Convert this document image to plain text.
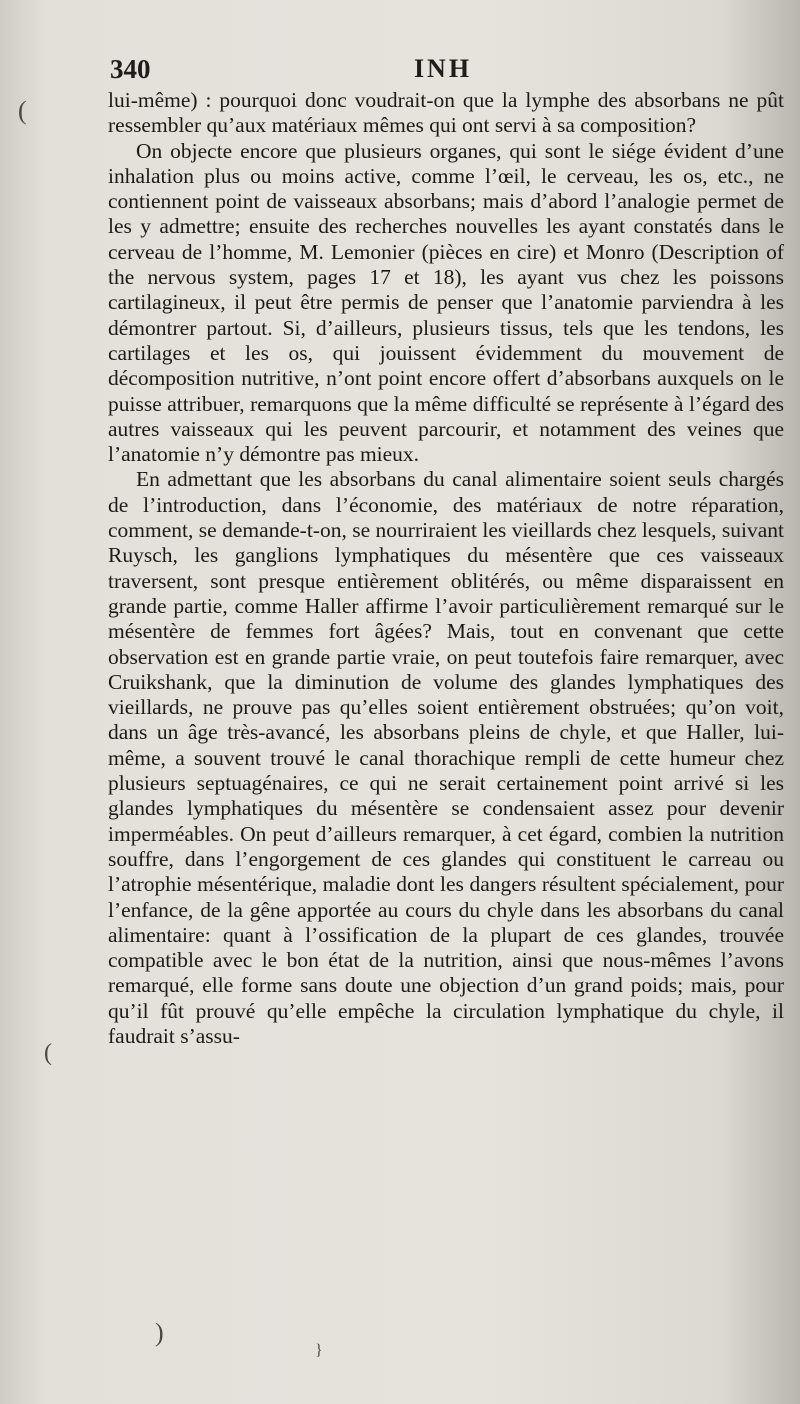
340	INH

lui-même) : pourquoi donc voudrait-on que la lymphe des absorbans ne pût ressembler qu’aux matériaux mêmes qui ont servi à sa composition?

On objecte encore que plusieurs organes, qui sont le siége évident d’une inhalation plus ou moins active, comme l’œil, le cerveau, les os, etc., ne contiennent point de vaisseaux absorbans; mais d’abord l’analogie permet de les y admettre; ensuite des recherches nouvelles les ayant constatés dans le cerveau de l’homme, M. Lemonier (pièces en cire) et Monro (Description of the nervous system, pages 17 et 18), les ayant vus chez les poissons cartilagineux, il peut être permis de penser que l’anatomie parviendra à les démontrer partout. Si, d’ailleurs, plusieurs tissus, tels que les tendons, les cartilages et les os, qui jouissent évidemment du mouvement de décomposition nutritive, n’ont point encore offert d’absorbans auxquels on le puisse attribuer, remarquons que la même difficulté se représente à l’égard des autres vaisseaux qui les peuvent parcourir, et notamment des veines que l’anatomie n’y démontre pas mieux.

En admettant que les absorbans du canal alimentaire soient seuls chargés de l’introduction, dans l’économie, des matériaux de notre réparation, comment, se demande-t-on, se nourriraient les vieillards chez lesquels, suivant Ruysch, les ganglions lymphatiques du mésentère que ces vaisseaux traversent, sont presque entièrement oblitérés, ou même disparaissent en grande partie, comme Haller affirme l’avoir particulièrement remarqué sur le mésentère de femmes fort âgées? Mais, tout en convenant que cette observation est en grande partie vraie, on peut toutefois faire remarquer, avec Cruikshank, que la diminution de volume des glandes lymphatiques des vieillards, ne prouve pas qu’elles soient entièrement obstruées; qu’on voit, dans un âge très-avancé, les absorbans pleins de chyle, et que Haller, lui-même, a souvent trouvé le canal thorachique rempli de cette humeur chez plusieurs septuagénaires, ce qui ne serait certainement point arrivé si les glandes lymphatiques du mésentère se condensaient assez pour devenir imperméables. On peut d’ailleurs remarquer, à cet égard, combien la nutrition souffre, dans l’engorgement de ces glandes qui constituent le carreau ou l’atrophie mésentérique, maladie dont les dangers résultent spécialement, pour l’enfance, de la gêne apportée au cours du chyle dans les absorbans du canal alimentaire: quant à l’ossification de la plupart de ces glandes, trouvée compatible avec le bon état de la nutrition, ainsi que nous-mêmes l’avons remarqué, elle forme sans doute une objection d’un grand poids; mais, pour qu’il fût prouvé qu’elle empêche la circulation lymphatique du chyle, il faudrait s’assu-

(
(
)
}
